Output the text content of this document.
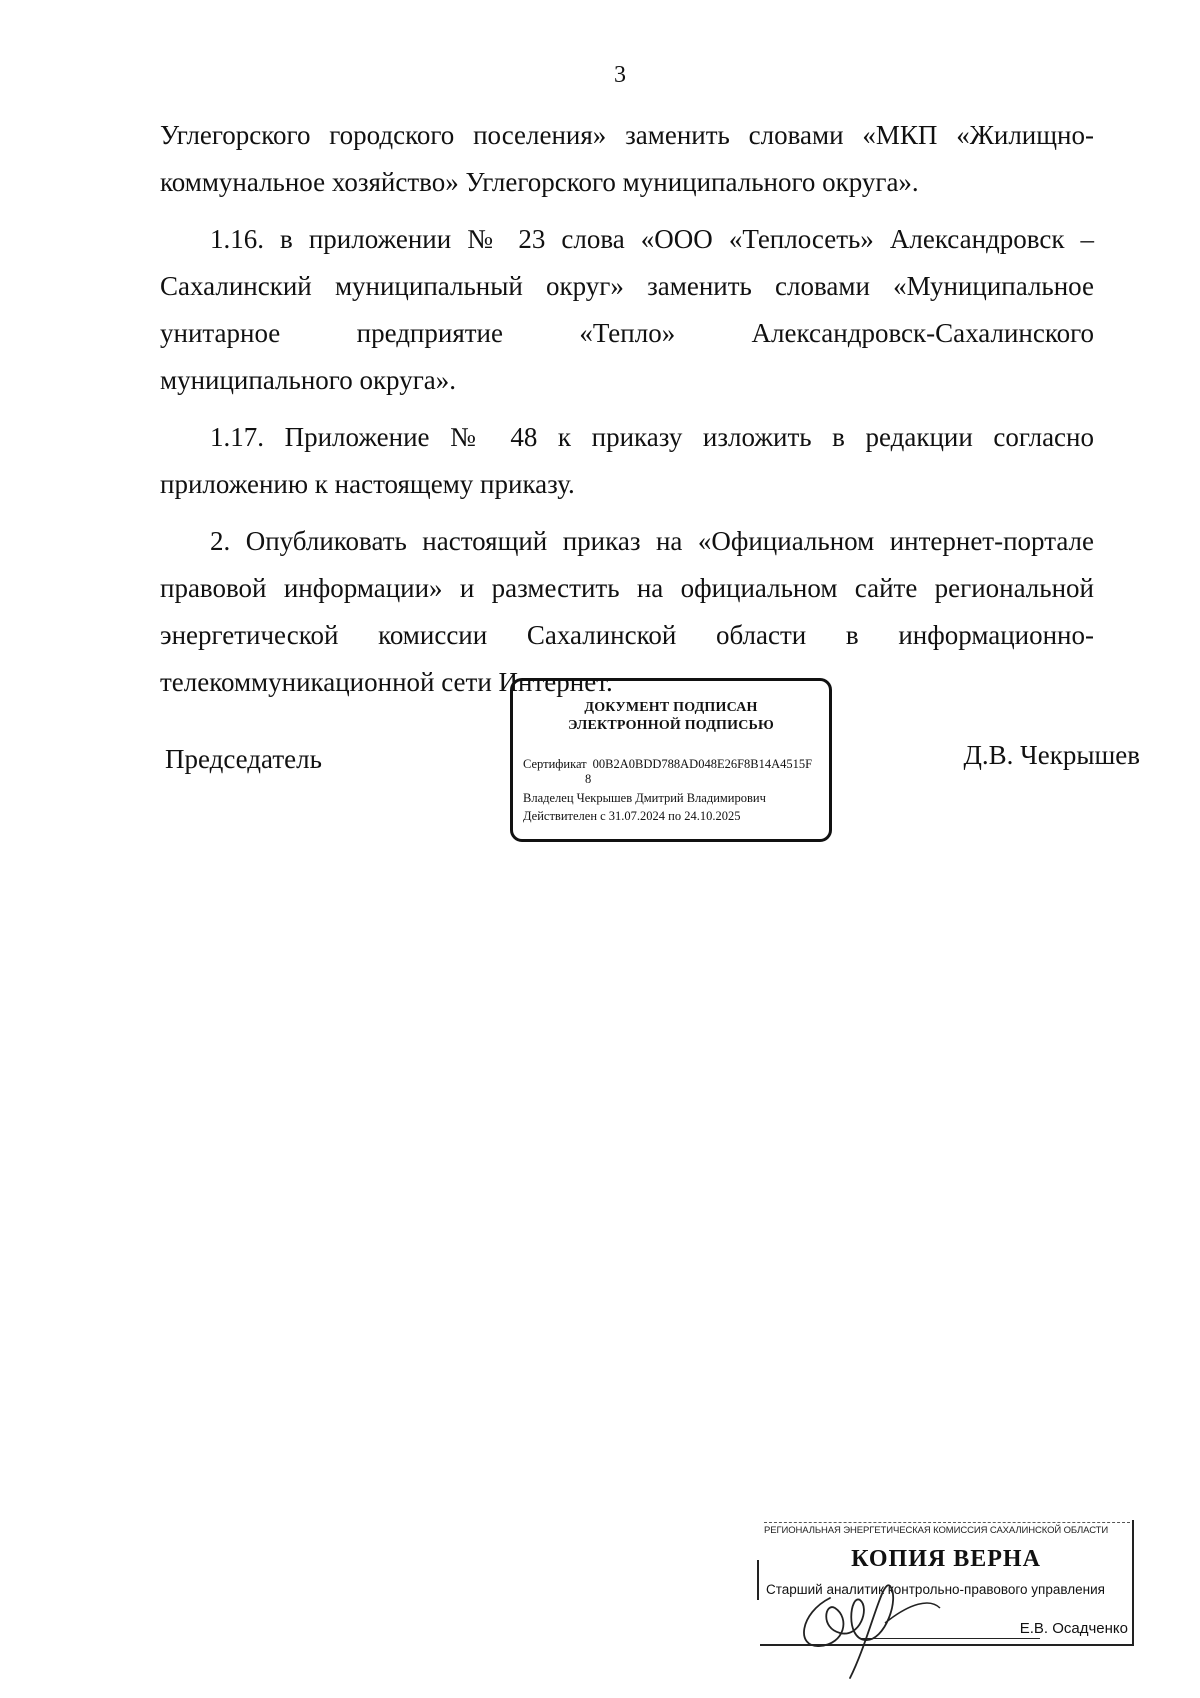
3

Углегорского городского поселения» заменить словами «МКП «Жилищно-

коммунальное хозяйство» Углегорского муниципального округа».

1.16. в приложении № 23 слова «ООО «Теплосеть» Александровск –

Сахалинский муниципальный округ» заменить словами «Муниципальное

унитарное предприятие «Тепло» Александровск-Сахалинского

муниципального округа».

1.17. Приложение № 48 к приказу изложить в редакции согласно

приложению к настоящему приказу.

2. Опубликовать настоящий приказ на «Официальном интернет-портале

правовой информации» и разместить на официальном сайте региональной

энергетической комиссии Сахалинской области в информационно-

телекоммуникационной сети Интернет.

Председатель	Д.В. Чекрышев
ДОКУМЕНТ ПОДПИСАН
ЭЛЕКТРОННОЙ ПОДПИСЬЮ
Сертификат 00B2A0BDD788AD048E26F8B14A4515F
8
Владелец Чекрышев Дмитрий Владимирович
Действителен с 31.07.2024 по 24.10.2025
РЕГИОНАЛЬНАЯ ЭНЕРГЕТИЧЕСКАЯ КОМИССИЯ САХАЛИНСКОЙ ОБЛАСТИ
КОПИЯ ВЕРНА
Старший аналитик контрольно-правового управления
Е.В. Осадченко
